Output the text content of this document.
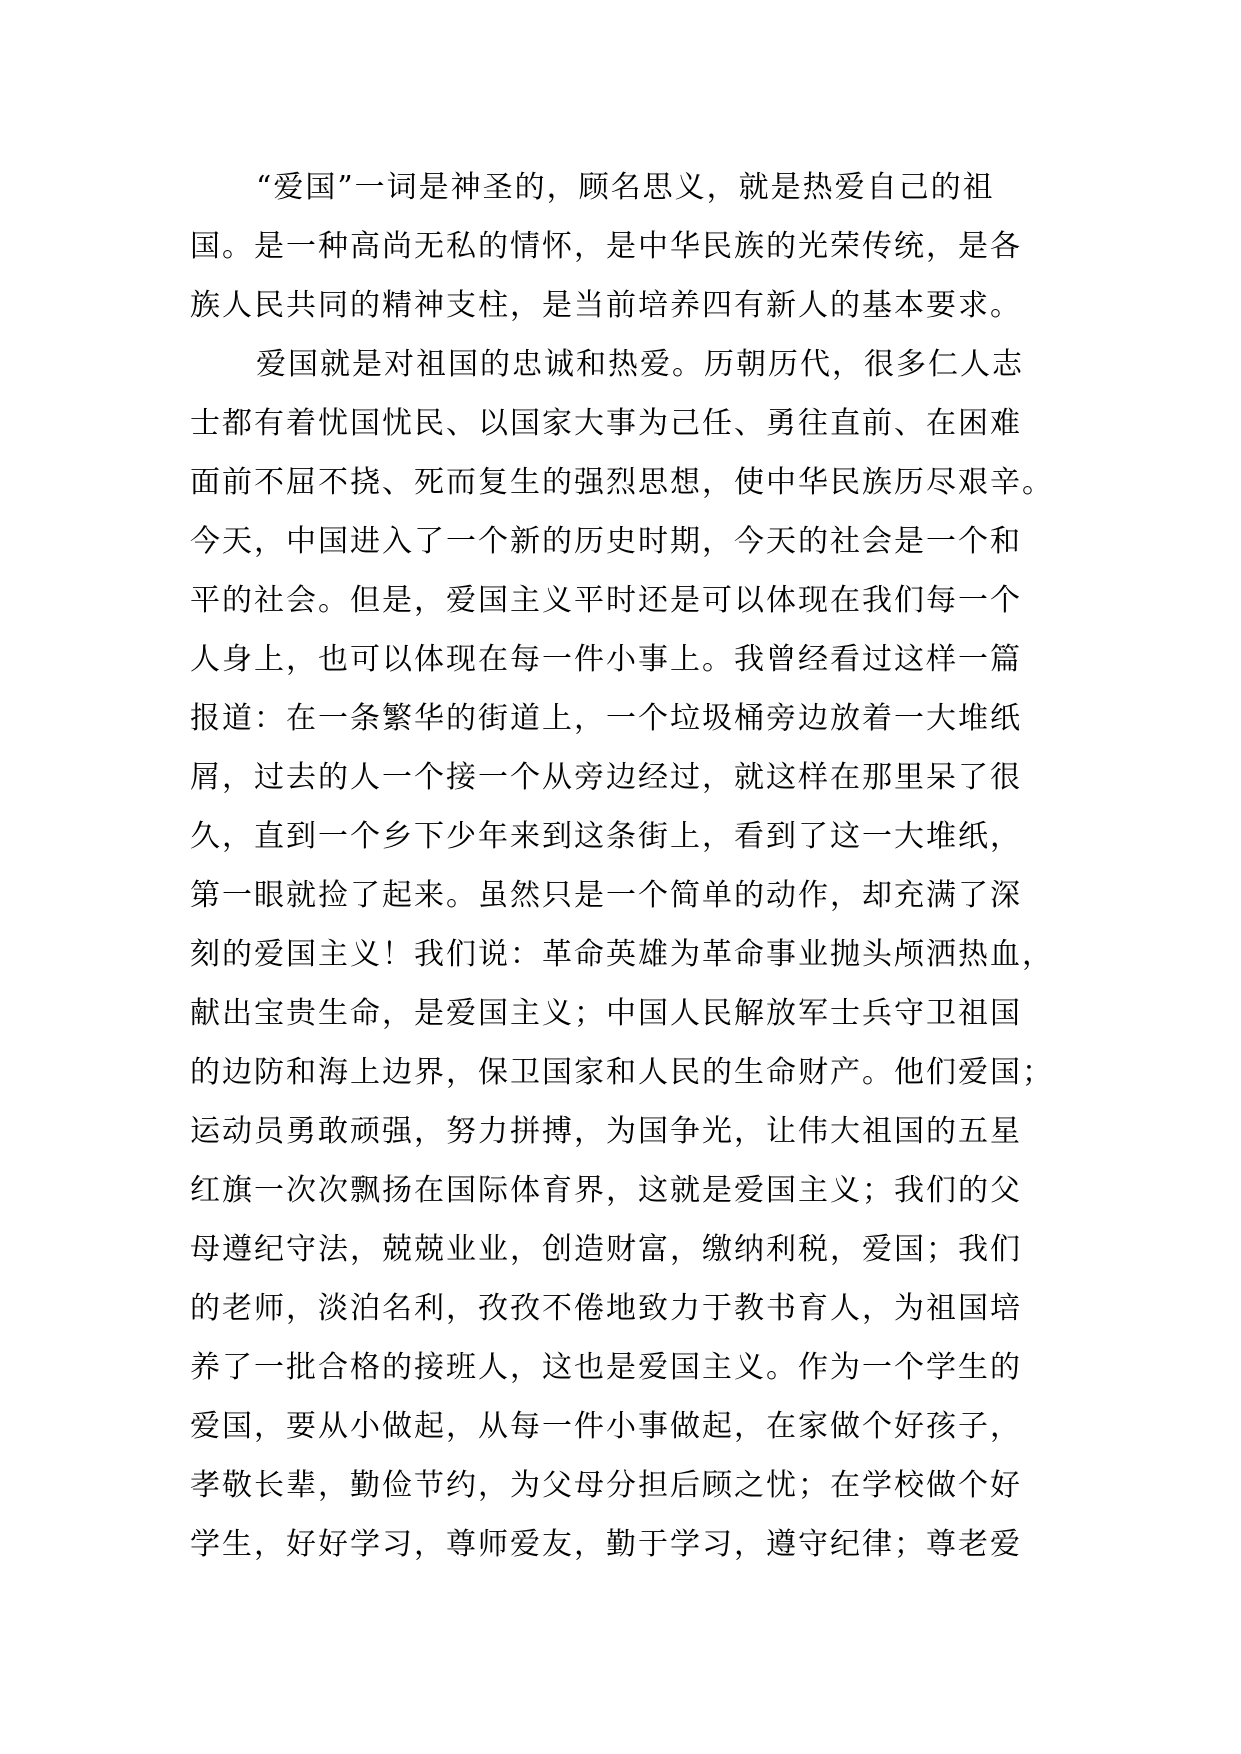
“爱国”一词是神圣的，顾名思义，就是热爱自己的祖
国。是一种高尚无私的情怀，是中华民族的光荣传统，是各
族人民共同的精神支柱，是当前培养四有新人的基本要求。
爱国就是对祖国的忠诚和热爱。历朝历代，很多仁人志
士都有着忧国忧民、以国家大事为己任、勇往直前、在困难
面前不屈不挠、死而复生的强烈思想，使中华民族历尽艰辛。
今天，中国进入了一个新的历史时期，今天的社会是一个和
平的社会。但是，爱国主义平时还是可以体现在我们每一个
人身上，也可以体现在每一件小事上。我曾经看过这样一篇
报道：在一条繁华的街道上，一个垃圾桶旁边放着一大堆纸
屑，过去的人一个接一个从旁边经过，就这样在那里呆了很
久，直到一个乡下少年来到这条街上，看到了这一大堆纸，
第一眼就捡了起来。虽然只是一个简单的动作，却充满了深
刻的爱国主义！我们说：革命英雄为革命事业抛头颅洒热血，
献出宝贵生命，是爱国主义；中国人民解放军士兵守卫祖国
的边防和海上边界，保卫国家和人民的生命财产。他们爱国；
运动员勇敢顽强，努力拼搏，为国争光，让伟大祖国的五星
红旗一次次飘扬在国际体育界，这就是爱国主义；我们的父
母遵纪守法，兢兢业业，创造财富，缴纳利税，爱国；我们
的老师，淡泊名利，孜孜不倦地致力于教书育人，为祖国培
养了一批合格的接班人，这也是爱国主义。作为一个学生的
爱国，要从小做起，从每一件小事做起，在家做个好孩子，
孝敬长辈，勤俭节约，为父母分担后顾之忧；在学校做个好
学生，好好学习，尊师爱友，勤于学习，遵守纪律；尊老爱
